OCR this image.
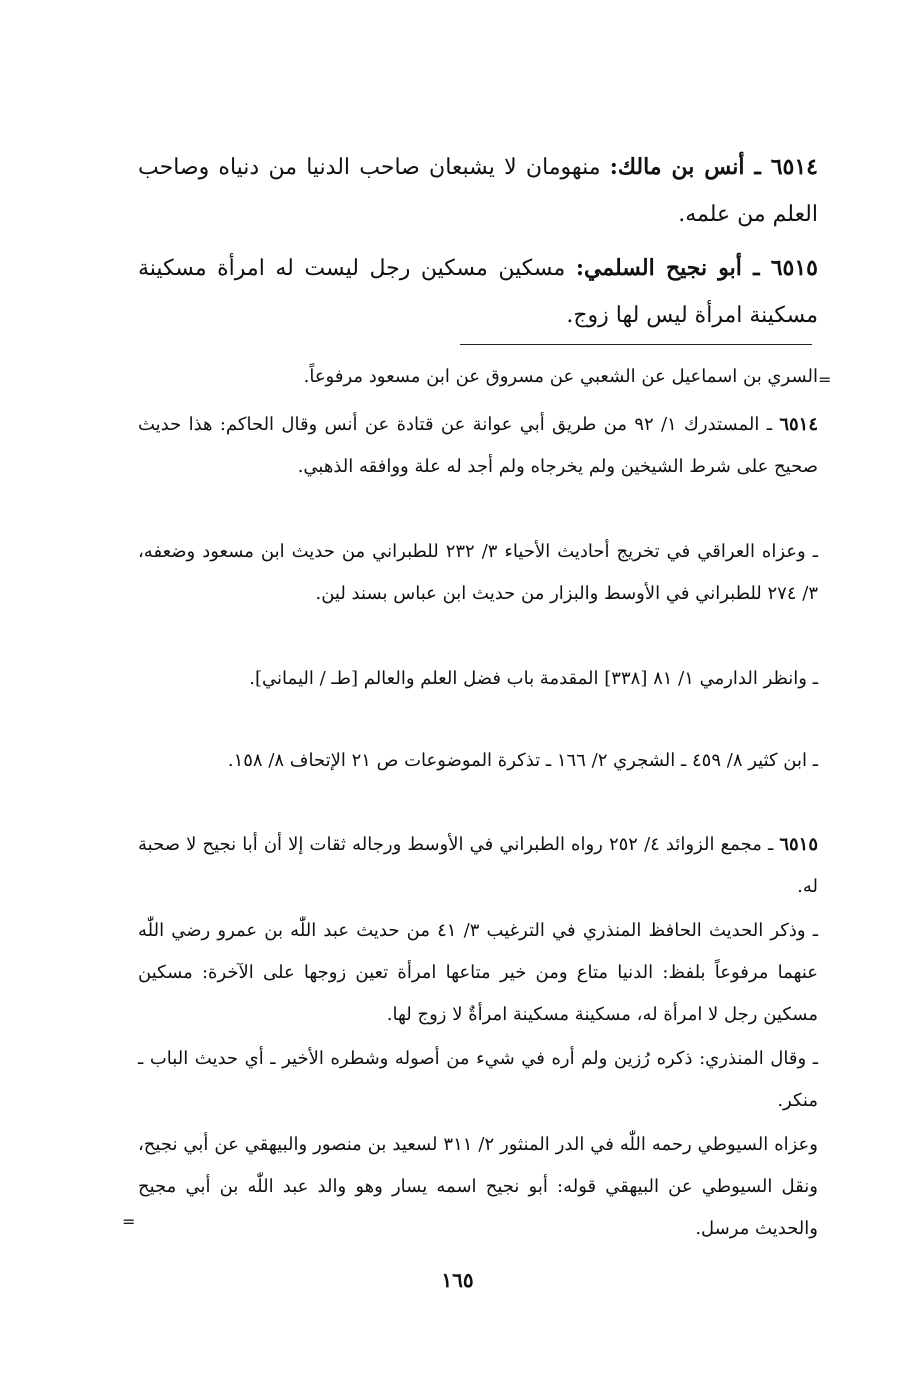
٦٥١٤ ـ أنس بن مالك: منهومان لا يشبعان صاحب الدنيا من دنياه وصاحب العلم من علمه.
٦٥١٥ ـ أبو نجيح السلمي: مسكين مسكين رجل ليست له امرأة مسكينة مسكينة امرأة ليس لها زوج.
=
السري بن اسماعيل عن الشعبي عن مسروق عن ابن مسعود مرفوعاً.
٦٥١٤ ـ المستدرك ١/ ٩٢ من طريق أبي عوانة عن قتادة عن أنس وقال الحاكم: هذا حديث صحيح على شرط الشيخين ولم يخرجاه ولم أجد له علة ووافقه الذهبي.
ـ وعزاه العراقي في تخريج أحاديث الأحياء ٣/ ٢٣٢ للطبراني من حديث ابن مسعود وضعفه، ٣/ ٢٧٤ للطبراني في الأوسط والبزار من حديث ابن عباس بسند لين.
ـ وانظر الدارمي ١/ ٨١ [٣٣٨] المقدمة باب فضل العلم والعالم [طـ / اليماني].
ـ ابن كثير ٨/ ٤٥٩ ـ الشجري ٢/ ١٦٦ ـ تذكرة الموضوعات ص ٢١ الإتحاف ٨/ ١٥٨.
٦٥١٥ ـ مجمع الزوائد ٤/ ٢٥٢ رواه الطبراني في الأوسط ورجاله ثقات إلا أن أبا نجيح لا صحبة له.
ـ وذكر الحديث الحافظ المنذري في الترغيب ٣/ ٤١ من حديث عبد اللّٰه بن عمرو رضي اللّٰه عنهما مرفوعاً بلفظ: الدنيا متاع ومن خير متاعها امرأة تعين زوجها على الآخرة: مسكين مسكين رجل لا امرأة له، مسكينة مسكينة امرأةٌ لا زوج لها.
ـ وقال المنذري: ذكره رُزين ولم أره في شيء من أصوله وشطره الأخير ـ أي حديث الباب ـ منكر.
وعزاه السيوطي رحمه اللّٰه في الدر المنثور ٢/ ٣١١ لسعيد بن منصور والبيهقي عن أبي نجيح، ونقل السيوطي عن البيهقي قوله: أبو نجيح اسمه يسار وهو والد عبد اللّٰه بن أبي مجيح والحديث مرسل.
=
١٦٥
